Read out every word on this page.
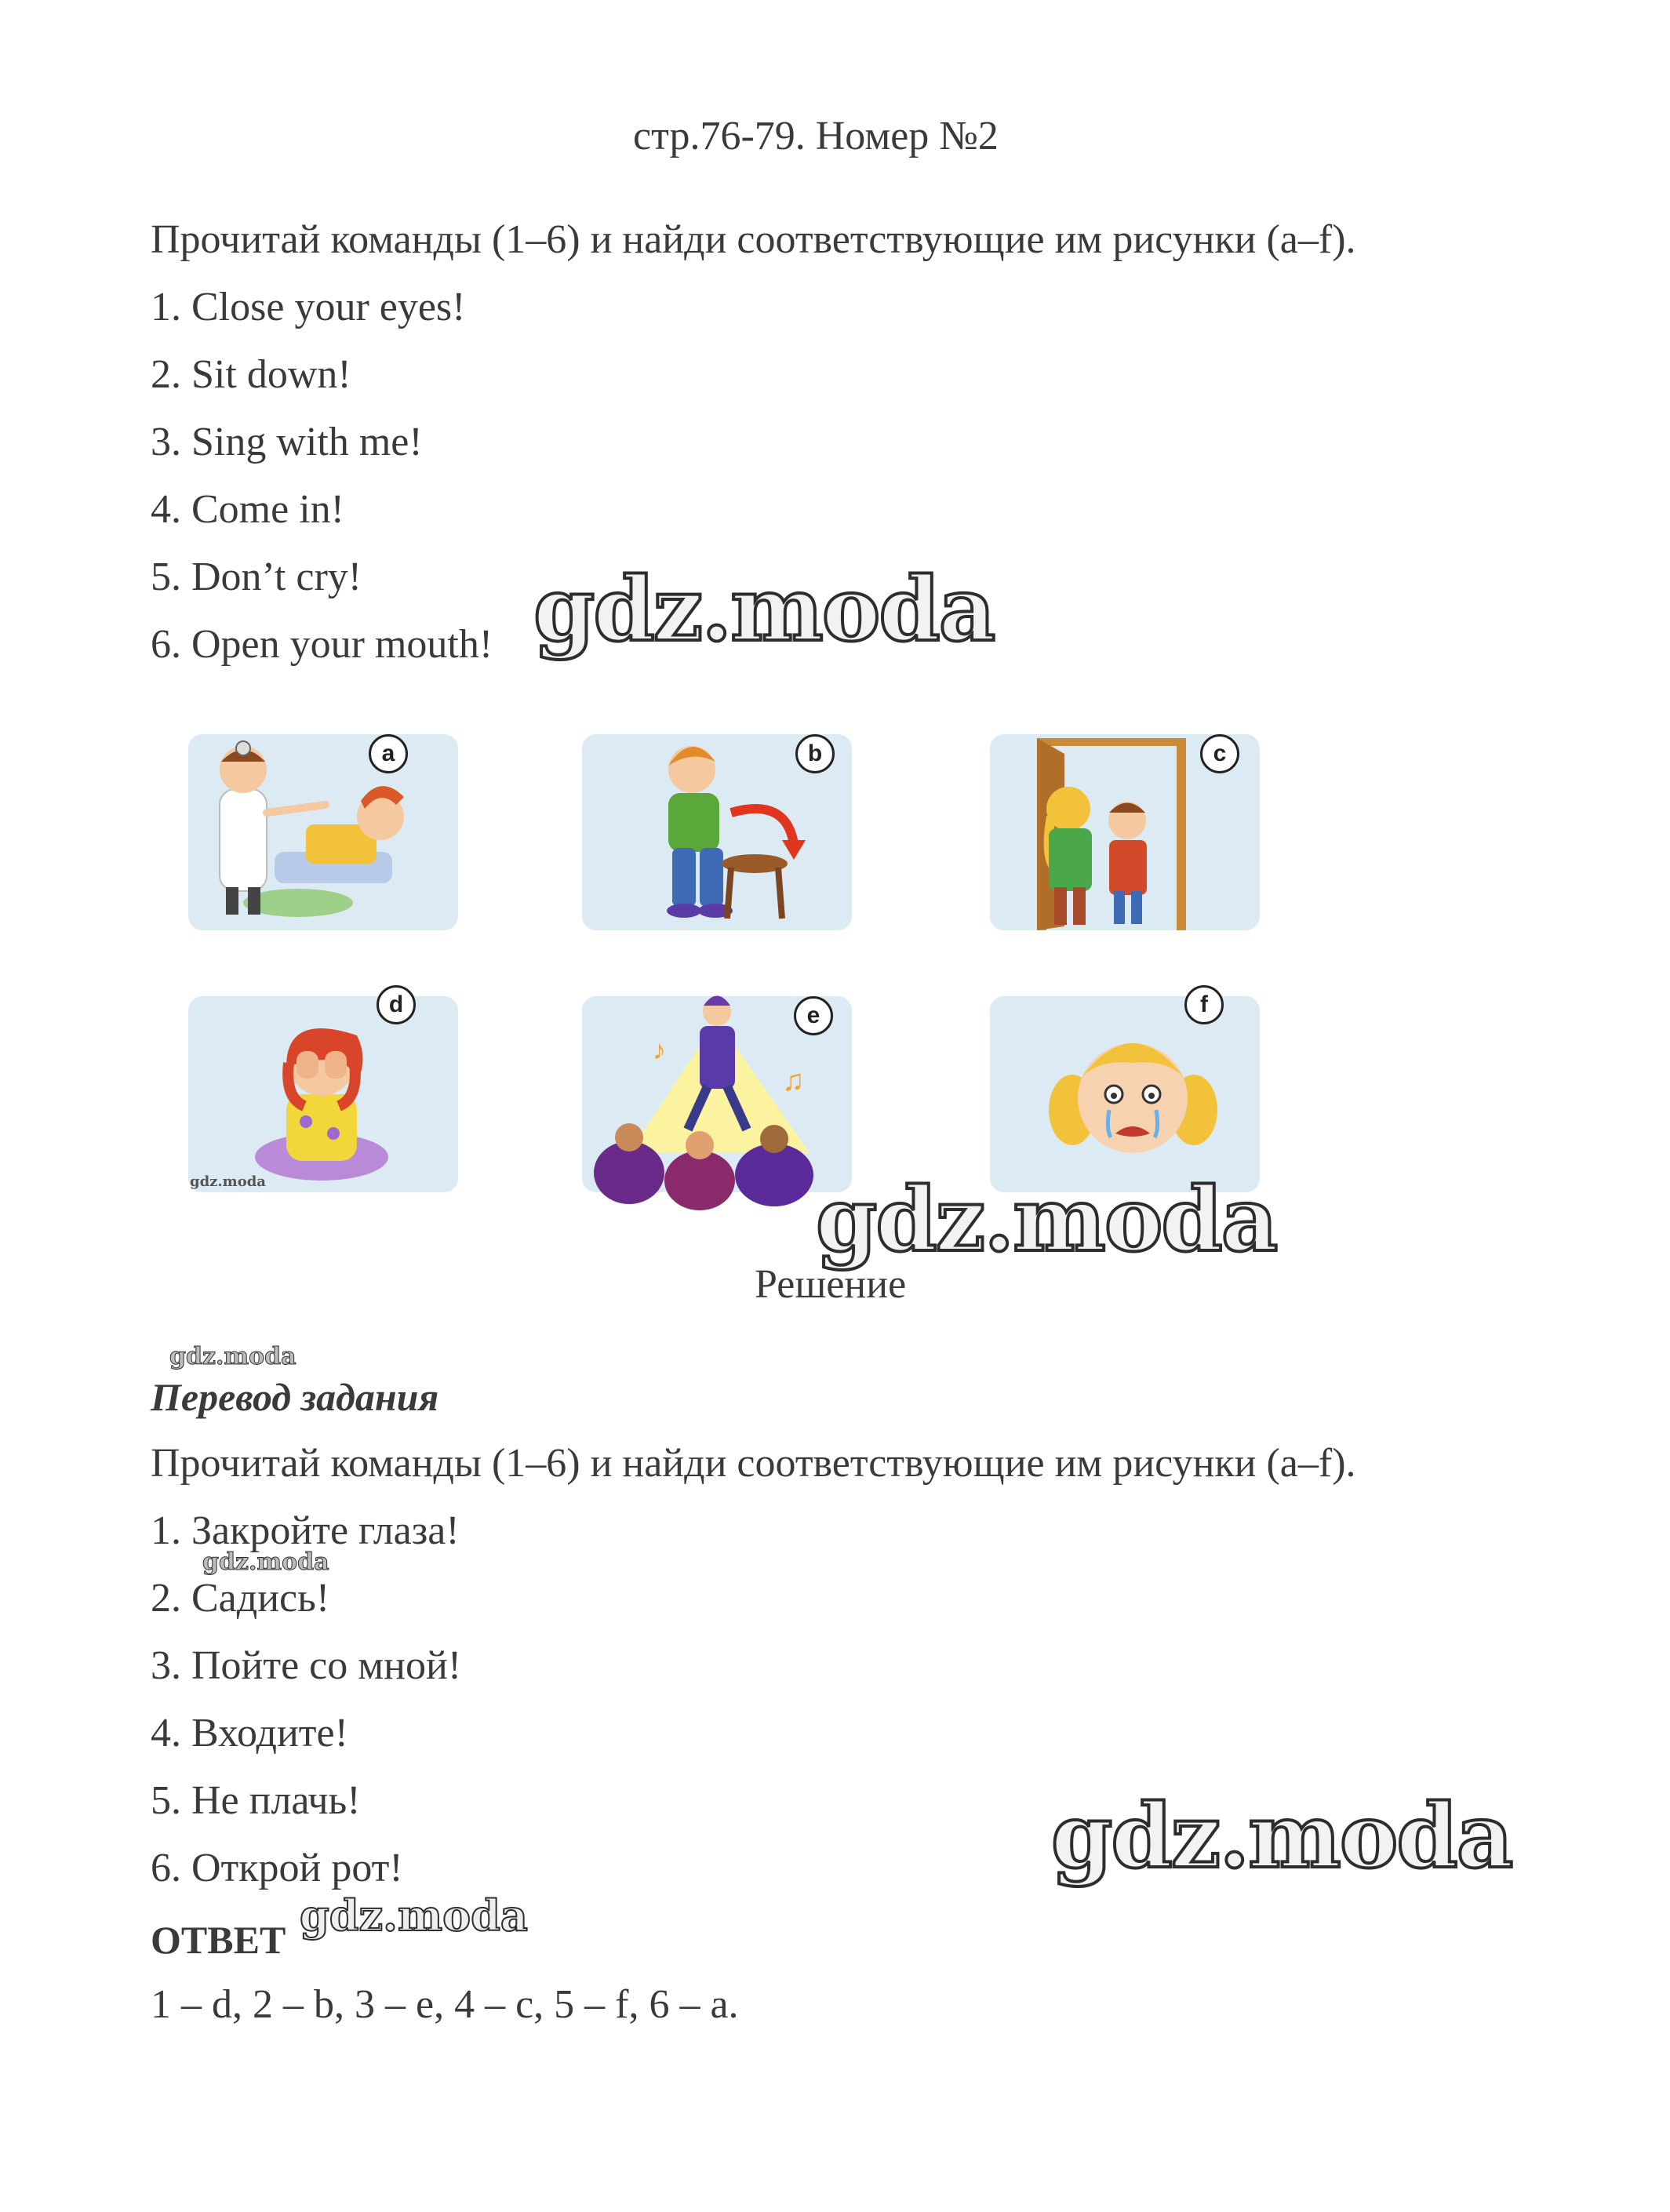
стр.76-79. Номер №2
Прочитай команды (1–6) и найди соответствующие им рисунки (a–f).
1. Close your eyes!
2. Sit down!
3. Sing with me!
4. Come in!
5. Don’t cry!
6. Open your mouth!
a	b	c
d
gdz.moda
♪
♫
e	f
Решение
Перевод задания
Прочитай команды (1–6) и найди соответствующие им рисунки (a–f).
1. Закройте глаза!
2. Садись!
3. Пойте со мной!
4. Входите!
5. Не плачь!
6. Открой рот!
ОТВЕТ
1 – d, 2 – b, 3 – e, 4 – c, 5 – f, 6 – a.
gdz.moda
gdz.moda
gdz.moda
gdz.moda
gdz.moda
gdz.moda
